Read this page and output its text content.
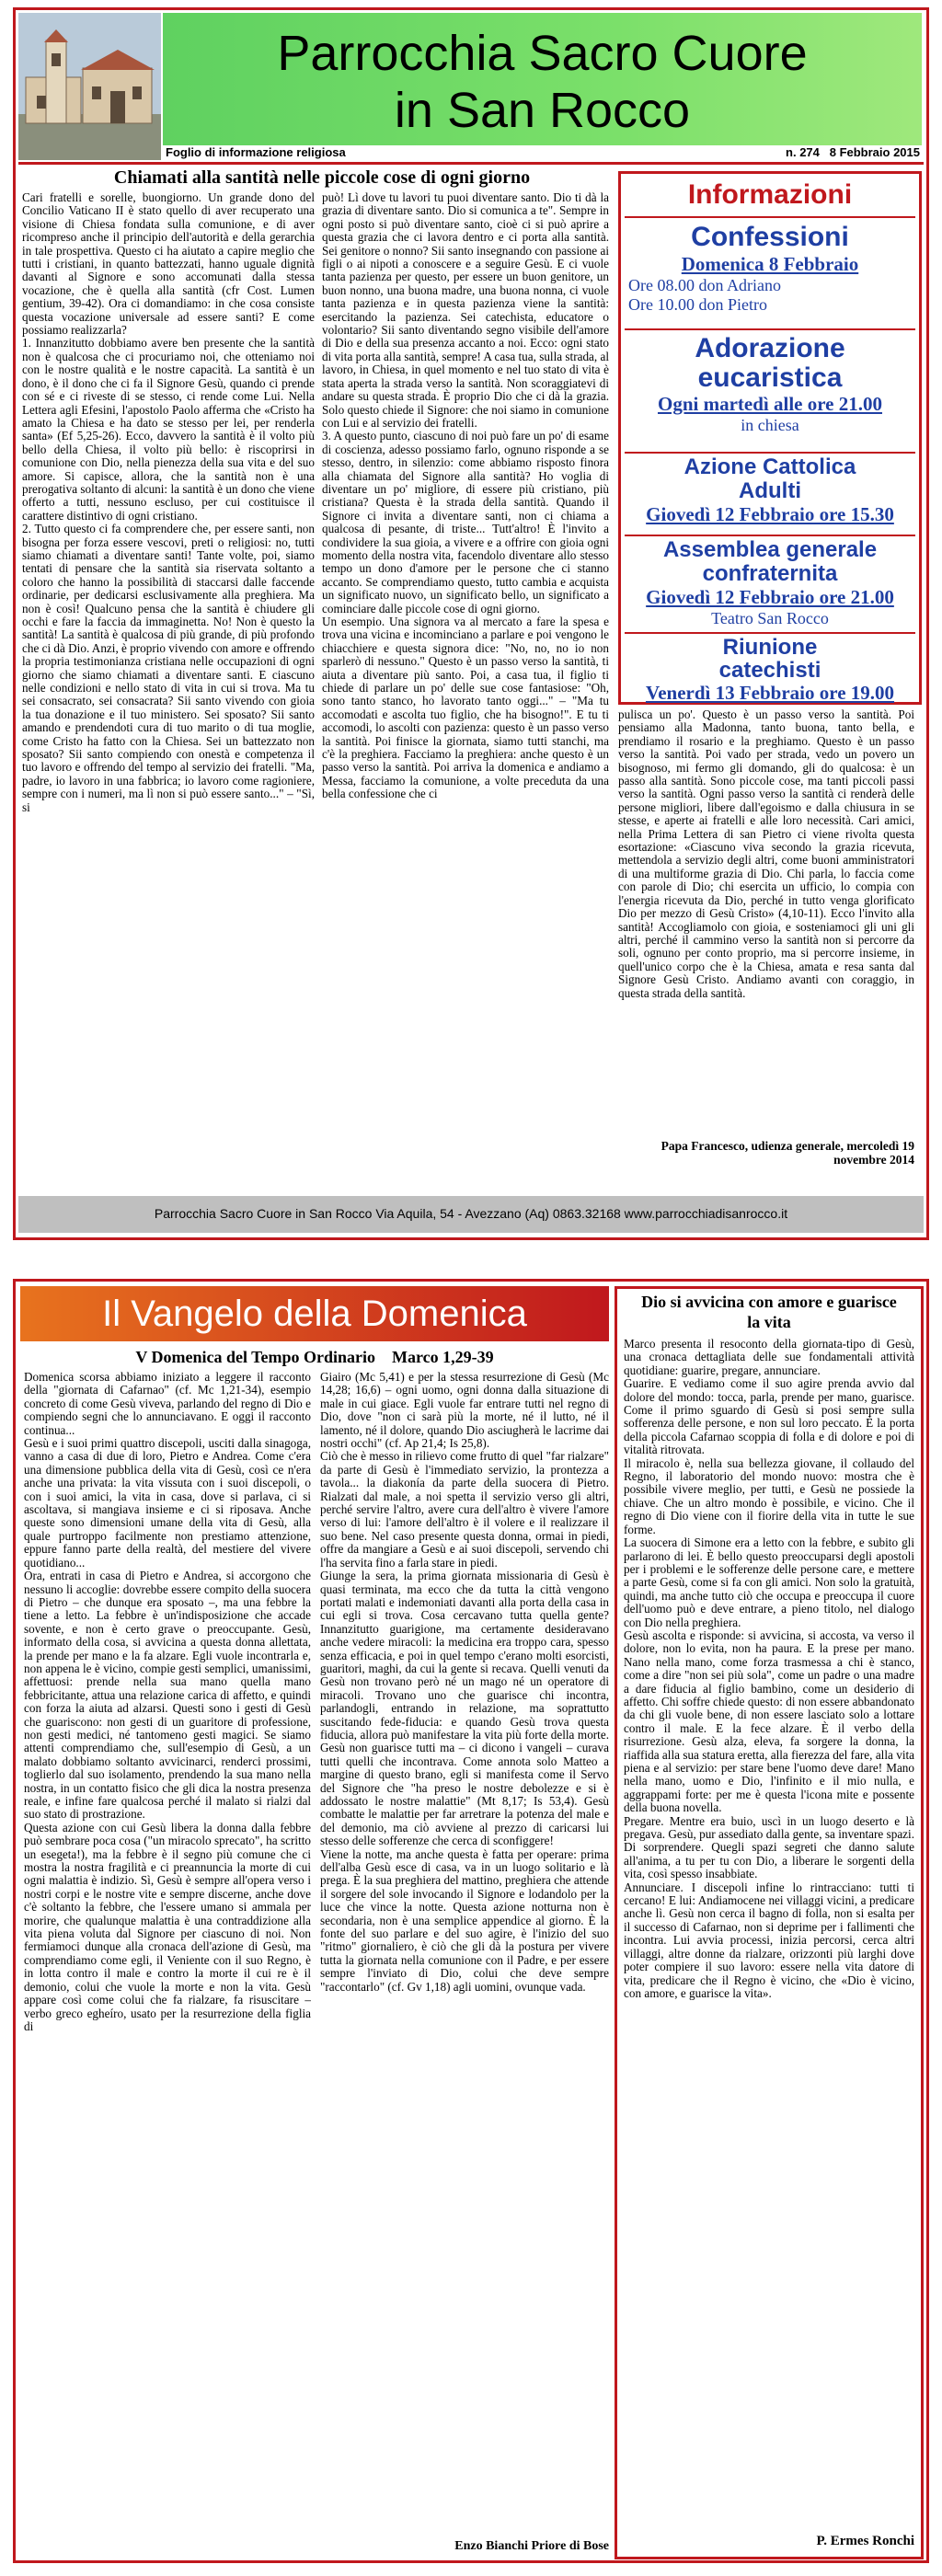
Parrocchia Sacro Cuore
in San Rocco
Foglio di informazione religiosa	n. 274   8 Febbraio 2015
Chiamati alla santità nelle piccole cose di ogni giorno
Cari fratelli e sorelle, buongiorno. Un grande dono del Concilio Vaticano II è stato quello di aver recuperato una visione di Chiesa fondata sulla comunione, e di aver ricompreso anche il principio dell'autorità e della gerarchia in tale prospettiva. Questo ci ha aiutato a capire meglio che tutti i cristiani, in quanto battezzati, hanno uguale dignità davanti al Signore e sono accomunati dalla stessa vocazione, che è quella alla santità (cfr Cost. Lumen gentium, 39-42). Ora ci domandiamo: in che cosa consiste questa vocazione universale ad essere santi? E come possiamo realizzarla?
1. Innanzitutto dobbiamo avere ben presente che la santità non è qualcosa che ci procuriamo noi, che otteniamo noi con le nostre qualità e le nostre capacità. La santità è un dono, è il dono che ci fa il Signore Gesù, quando ci prende con sé e ci riveste di se stesso, ci rende come Lui. Nella Lettera agli Efesini, l'apostolo Paolo afferma che «Cristo ha amato la Chiesa e ha dato se stesso per lei, per renderla santa» (Ef 5,25-26). Ecco, davvero la santità è il volto più bello della Chiesa, il volto più bello: è riscoprirsi in comunione con Dio, nella pienezza della sua vita e del suo amore. Si capisce, allora, che la santità non è una prerogativa soltanto di alcuni: la santità è un dono che viene offerto a tutti, nessuno escluso, per cui costituisce il carattere distintivo di ogni cristiano.
2. Tutto questo ci fa comprendere che, per essere santi, non bisogna per forza essere vescovi, preti o religiosi: no, tutti siamo chiamati a diventare santi! Tante volte, poi, siamo tentati di pensare che la santità sia riservata soltanto a coloro che hanno la possibilità di staccarsi dalle faccende ordinarie, per dedicarsi esclusivamente alla preghiera. Ma non è così! Qualcuno pensa che la santità è chiudere gli occhi e fare la faccia da immaginetta. No! Non è questo la santità! La santità è qualcosa di più grande, di più profondo che ci dà Dio. Anzi, è proprio vivendo con amore e offrendo la propria testimonianza cristiana nelle occupazioni di ogni giorno che siamo chiamati a diventare santi. E ciascuno nelle condizioni e nello stato di vita in cui si trova. Ma tu sei consacrato, sei consacrata? Sii santo vivendo con gioia la tua donazione e il tuo ministero. Sei sposato? Sii santo amando e prendendoti cura di tuo marito o di tua moglie, come Cristo ha fatto con la Chiesa. Sei un battezzato non sposato? Sii santo compiendo con onestà e competenza il tuo lavoro e offrendo del tempo al servizio dei fratelli. "Ma, padre, io lavoro in una fabbrica; io lavoro come ragioniere, sempre con i numeri, ma lì non si può essere santo..." – "Sì, si
può! Lì dove tu lavori tu puoi diventare santo. Dio ti dà la grazia di diventare santo. Dio si comunica a te". Sempre in ogni posto si può diventare santo, cioè ci si può aprire a questa grazia che ci lavora dentro e ci porta alla santità. Sei genitore o nonno? Sii santo insegnando con passione ai figli o ai nipoti a conoscere e a seguire Gesù. E ci vuole tanta pazienza per questo, per essere un buon genitore, un buon nonno, una buona madre, una buona nonna, ci vuole tanta pazienza e in questa pazienza viene la santità: esercitando la pazienza. Sei catechista, educatore o volontario? Sii santo diventando segno visibile dell'amore di Dio e della sua presenza accanto a noi. Ecco: ogni stato di vita porta alla santità, sempre! A casa tua, sulla strada, al lavoro, in Chiesa, in quel momento e nel tuo stato di vita è stata aperta la strada verso la santità. Non scoraggiatevi di andare su questa strada. È proprio Dio che ci dà la grazia. Solo questo chiede il Signore: che noi siamo in comunione con Lui e al servizio dei fratelli.
3. A questo punto, ciascuno di noi può fare un po' di esame di coscienza, adesso possiamo farlo, ognuno risponde a se stesso, dentro, in silenzio: come abbiamo risposto finora alla chiamata del Signore alla santità? Ho voglia di diventare un po' migliore, di essere più cristiano, più cristiana? Questa è la strada della santità. Quando il Signore ci invita a diventare santi, non ci chiama a qualcosa di pesante, di triste... Tutt'altro! È l'invito a condividere la sua gioia, a vivere e a offrire con gioia ogni momento della nostra vita, facendolo diventare allo stesso tempo un dono d'amore per le persone che ci stanno accanto. Se comprendiamo questo, tutto cambia e acquista un significato nuovo, un significato bello, un significato a cominciare dalle piccole cose di ogni giorno.
Un esempio. Una signora va al mercato a fare la spesa e trova una vicina e incominciano a parlare e poi vengono le chiacchiere e questa signora dice: "No, no, no io non sparlerò di nessuno." Questo è un passo verso la santità, ti aiuta a diventare più santo. Poi, a casa tua, il figlio ti chiede di parlare un po' delle sue cose fantasiose: "Oh, sono tanto stanco, ho lavorato tanto oggi..." – "Ma tu accomodati e ascolta tuo figlio, che ha bisogno!". E tu ti accomodi, lo ascolti con pazienza: questo è un passo verso la santità. Poi finisce la giornata, siamo tutti stanchi, ma c'è la preghiera. Facciamo la preghiera: anche questo è un passo verso la santità. Poi arriva la domenica e andiamo a Messa, facciamo la comunione, a volte preceduta da una bella confessione che ci
pulisca un po'. Questo è un passo verso la santità. Poi pensiamo alla Madonna, tanto buona, tanto bella, e prendiamo il rosario e la preghiamo. Questo è un passo verso la santità. Poi vado per strada, vedo un povero un bisognoso, mi fermo gli domando, gli do qualcosa: è un passo alla santità. Sono piccole cose, ma tanti piccoli passi verso la santità. Ogni passo verso la santità ci renderà delle persone migliori, libere dall'egoismo e dalla chiusura in se stesse, e aperte ai fratelli e alle loro necessità. Cari amici, nella Prima Lettera di san Pietro ci viene rivolta questa esortazione: «Ciascuno viva secondo la grazia ricevuta, mettendola a servizio degli altri, come buoni amministratori di una multiforme grazia di Dio. Chi parla, lo faccia come con parole di Dio; chi esercita un ufficio, lo compia con l'energia ricevuta da Dio, perché in tutto venga glorificato Dio per mezzo di Gesù Cristo» (4,10-11). Ecco l'invito alla santità! Accogliamolo con gioia, e sosteniamoci gli uni gli altri, perché il cammino verso la santità non si percorre da soli, ognuno per conto proprio, ma si percorre insieme, in quell'unico corpo che è la Chiesa, amata e resa santa dal Signore Gesù Cristo. Andiamo avanti con coraggio, in questa strada della santità.
Papa Francesco, udienza generale, mercoledì 19 novembre 2014
Informazioni
Confessioni
Domenica 8 Febbraio
Ore 08.00 don Adriano
Ore 10.00 don Pietro
Adorazione eucaristica
Ogni martedì alle ore 21.00
in chiesa
Azione Cattolica Adulti
Giovedì 12 Febbraio ore 15.30
Assemblea generale confraternita
Giovedì 12 Febbraio ore 21.00
Teatro San Rocco
Riunione catechisti
Venerdì 13 Febbraio ore 19.00
Parrocchia Sacro Cuore in San Rocco Via Aquila, 54 - Avezzano (Aq) 0863.32168 www.parrocchiadisanrocco.it
Il Vangelo della Domenica
V Domenica del Tempo Ordinario    Marco 1,29-39
Domenica scorsa abbiamo iniziato a leggere il racconto della "giornata di Cafarnao" (cf. Mc 1,21-34), esempio concreto di come Gesù viveva, parlando del regno di Dio e compiendo segni che lo annunciavano. E oggi il racconto continua...
Gesù e i suoi primi quattro discepoli, usciti dalla sinagoga, vanno a casa di due di loro, Pietro e Andrea. Come c'era una dimensione pubblica della vita di Gesù, così ce n'era anche una privata: la vita vissuta con i suoi discepoli, o con i suoi amici, la vita in casa, dove si parlava, ci si ascoltava, si mangiava insieme e ci si riposava. Anche queste sono dimensioni umane della vita di Gesù, alla quale purtroppo facilmente non prestiamo attenzione, eppure fanno parte della realtà, del mestiere del vivere quotidiano...
Ora, entrati in casa di Pietro e Andrea, si accorgono che nessuno li accoglie: dovrebbe essere compito della suocera di Pietro – che dunque era sposato –, ma una febbre la tiene a letto. La febbre è un'indisposizione che accade sovente, e non è certo grave o preoccupante. Gesù, informato della cosa, si avvicina a questa donna allettata, la prende per mano e la fa alzare. Egli vuole incontrarla e, non appena le è vicino, compie gesti semplici, umanissimi, affettuosi: prende nella sua mano quella mano febbricitante, attua una relazione carica di affetto, e quindi con forza la aiuta ad alzarsi. Questi sono i gesti di Gesù che guariscono: non gesti di un guaritore di professione, non gesti medici, né tantomeno gesti magici. Se siamo attenti comprendiamo che, sull'esempio di Gesù, a un malato dobbiamo soltanto avvicinarci, renderci prossimi, toglierlo dal suo isolamento, prendendo la sua mano nella nostra, in un contatto fisico che gli dica la nostra presenza reale, e infine fare qualcosa perché il malato si rialzi dal suo stato di prostrazione.
Questa azione con cui Gesù libera la donna dalla febbre può sembrare poca cosa ("un miracolo sprecato", ha scritto un esegeta!), ma la febbre è il segno più comune che ci mostra la nostra fragilità e ci preannuncia la morte di cui ogni malattia è indizio. Sì, Gesù è sempre all'opera verso i nostri corpi e le nostre vite e sempre discerne, anche dove c'è soltanto la febbre, che l'essere umano si ammala per morire, che qualunque malattia è una contraddizione alla vita piena voluta dal Signore per ciascuno di noi. Non fermiamoci dunque alla cronaca dell'azione di Gesù, ma comprendiamo come egli, il Veniente con il suo Regno, è in lotta contro il male e contro la morte il cui re è il demonio, colui che vuole la morte e non la vita. Gesù appare così come colui che fa rialzare, fa risuscitare – verbo greco egheíro, usato per la resurrezione della figlia di
Giairo (Mc 5,41) e per la stessa resurrezione di Gesù (Mc 14,28; 16,6) – ogni uomo, ogni donna dalla situazione di male in cui giace. Egli vuole far entrare tutti nel regno di Dio, dove "non ci sarà più la morte, né il lutto, né il lamento, né il dolore, quando Dio asciugherà le lacrime dai nostri occhi" (cf. Ap 21,4; Is 25,8).
Ciò che è messo in rilievo come frutto di quel "far rialzare" da parte di Gesù è l'immediato servizio, la prontezza a tavola... la diakonía da parte della suocera di Pietro. Rialzati dal male, a noi spetta il servizio verso gli altri, perché servire l'altro, avere cura dell'altro è vivere l'amore verso di lui: l'amore dell'altro è il volere e il realizzare il suo bene. Nel caso presente questa donna, ormai in piedi, offre da mangiare a Gesù e ai suoi discepoli, servendo chi l'ha servita fino a farla stare in piedi.
Giunge la sera, la prima giornata missionaria di Gesù è quasi terminata, ma ecco che da tutta la città vengono portati malati e indemoniati davanti alla porta della casa in cui egli si trova. Cosa cercavano tutta quella gente? Innanzitutto guarigione, ma certamente desideravano anche vedere miracoli: la medicina era troppo cara, spesso senza efficacia, e poi in quel tempo c'erano molti esorcisti, guaritori, maghi, da cui la gente si recava. Quelli venuti da Gesù non trovano però né un mago né un operatore di miracoli. Trovano uno che guarisce chi incontra, parlandogli, entrando in relazione, ma soprattutto suscitando fede-fiducia: e quando Gesù trova questa fiducia, allora può manifestare la vita più forte della morte. Gesù non guarisce tutti ma – ci dicono i vangeli – curava tutti quelli che incontrava. Come annota solo Matteo a margine di questo brano, egli si manifesta come il Servo del Signore che "ha preso le nostre debolezze e si è addossato le nostre malattie" (Mt 8,17; Is 53,4). Gesù combatte le malattie per far arretrare la potenza del male e del demonio, ma ciò avviene al prezzo di caricarsi lui stesso delle sofferenze che cerca di sconfiggere!
Viene la notte, ma anche questa è fatta per operare: prima dell'alba Gesù esce di casa, va in un luogo solitario e là prega. È la sua preghiera del mattino, preghiera che attende il sorgere del sole invocando il Signore e lodandolo per la luce che vince la notte. Questa azione notturna non è secondaria, non è una semplice appendice al giorno. È la fonte del suo parlare e del suo agire, è l'inizio del suo "ritmo" giornaliero, è ciò che gli dà la postura per vivere tutta la giornata nella comunione con il Padre, e per essere sempre l'inviato di Dio, colui che deve sempre "raccontarlo" (cf. Gv 1,18) agli uomini, ovunque vada.
Enzo Bianchi Priore di Bose
Dio si avvicina con amore e guarisce la vita
Marco presenta il resoconto della giornata-tipo di Gesù, una cronaca dettagliata delle sue fondamentali attività quotidiane: guarire, pregare, annunciare.
Guarire. E vediamo come il suo agire prenda avvio dal dolore del mondo: tocca, parla, prende per mano, guarisce. Come il primo sguardo di Gesù si posi sempre sulla sofferenza delle persone, e non sul loro peccato. È la porta della piccola Cafarnao scoppia di folla e di dolore e poi di vitalità ritrovata.
Il miracolo è, nella sua bellezza giovane, il collaudo del Regno, il laboratorio del mondo nuovo: mostra che è possibile vivere meglio, per tutti, e Gesù ne possiede la chiave. Che un altro mondo è possibile, e vicino. Che il regno di Dio viene con il fiorire della vita in tutte le sue forme.
La suocera di Simone era a letto con la febbre, e subito gli parlarono di lei. È bello questo preoccuparsi degli apostoli per i problemi e le sofferenze delle persone care, e mettere a parte Gesù, come si fa con gli amici. Non solo la gratuità, quindi, ma anche tutto ciò che occupa e preoccupa il cuore dell'uomo può e deve entrare, a pieno titolo, nel dialogo con Dio nella preghiera.
Gesù ascolta e risponde: si avvicina, si accosta, va verso il dolore, non lo evita, non ha paura. E la prese per mano. Nano nella mano, come forza trasmessa a chi è stanco, come a dire "non sei più sola", come un padre o una madre a dare fiducia al figlio bambino, come un desiderio di affetto. Chi soffre chiede questo: di non essere abbandonato da chi gli vuole bene, di non essere lasciato solo a lottare contro il male. E la fece alzare. È il verbo della risurrezione. Gesù alza, eleva, fa sorgere la donna, la riaffida alla sua statura eretta, alla fierezza del fare, alla vita piena e al servizio: per stare bene l'uomo deve dare! Mano nella mano, uomo e Dio, l'infinito e il mio nulla, e aggrappami forte: per me è questa l'icona mite e possente della buona novella.
Pregare. Mentre era buio, uscì in un luogo deserto e là pregava. Gesù, pur assediato dalla gente, sa inventare spazi. Di sorprendere. Quegli spazi segreti che danno salute all'anima, a tu per tu con Dio, a liberare le sorgenti della vita, così spesso insabbiate.
Annunciare. I discepoli infine lo rintracciano: tutti ti cercano! E lui: Andiamocene nei villaggi vicini, a predicare anche lì. Gesù non cerca il bagno di folla, non si esalta per il successo di Cafarnao, non si deprime per i fallimenti che incontra. Lui avvia processi, inizia percorsi, cerca altri villaggi, altre donne da rialzare, orizzonti più larghi dove poter compiere il suo lavoro: essere nella vita datore di vita, predicare che il Regno è vicino, che «Dio è vicino, con amore, e guarisce la vita».
P. Ermes Ronchi
